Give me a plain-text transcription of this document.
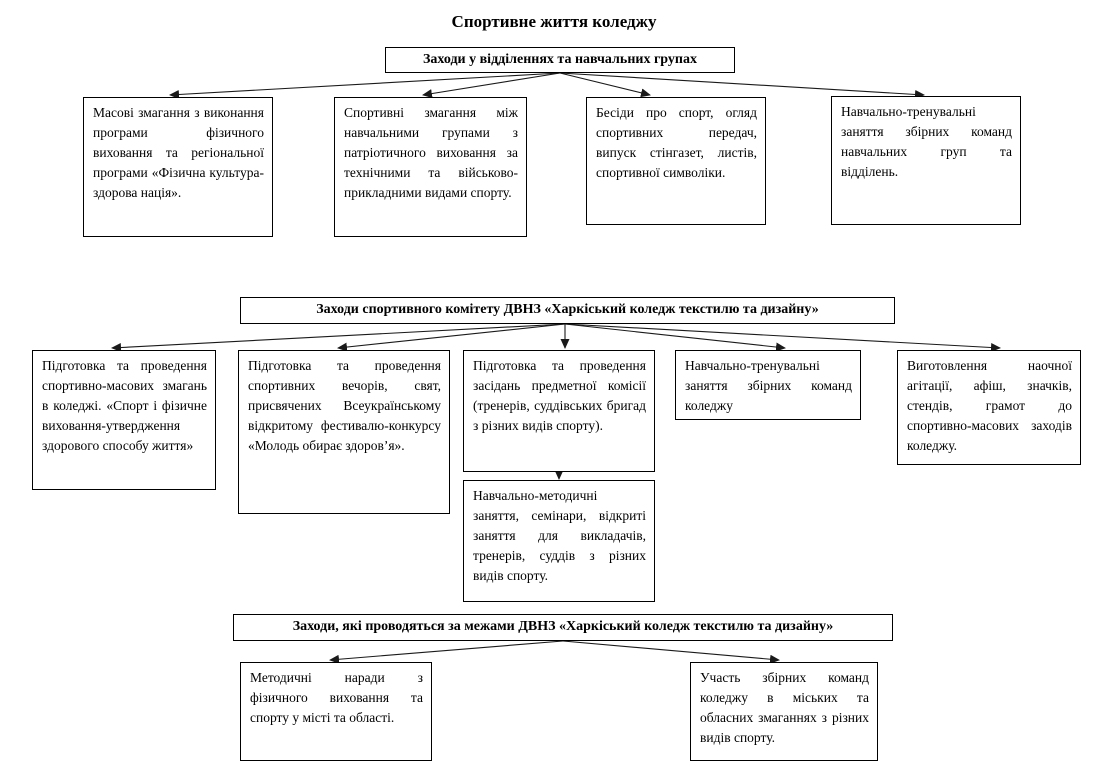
Спортивне життя коледжу
Заходи у відділеннях та навчальних групах
Масові змагання з виконання програми фізичного виховання та регіональної програми «Фізична культура-здорова нація».
Спортивні змагання між навчальними групами з патріотичного виховання за технічними та військово-прикладними видами спорту.
Бесіди про спорт, огляд спортивних передач, випуск стінгазет, листів, спортивної символіки.
Навчально-тренувальні заняття збірних команд навчальних груп та відділень.
Заходи спортивного комітету ДВНЗ «Харкіський коледж текстилю та дизайну»
Підготовка та проведення спортивно-масових змагань в коледжі. «Спорт і фізичне виховання-утвердження здорового способу життя»
Підготовка та проведення спортивних вечорів, свят, присвячених Всеукраїнському відкритому фестивалю-конкурсу «Молодь обирає здоров’я».
Підготовка та проведення засідань предметної комісії (тренерів, суддівських бригад з різних видів спорту).
Навчально-тренувальні заняття збірних команд коледжу
Виготовлення наочної агітації, афіш, значків, стендів, грамот до спортивно-масових заходів коледжу.
Навчально-методичні заняття, семінари, відкриті заняття для викладачів, тренерів, суддів з різних видів спорту.
Заходи, які проводяться за межами ДВНЗ «Харкіський коледж текстилю та дизайну»
Методичні наради з фізичного виховання та спорту у місті та області.
Участь збірних команд коледжу в міських та обласних змаганнях з різних видів спорту.
